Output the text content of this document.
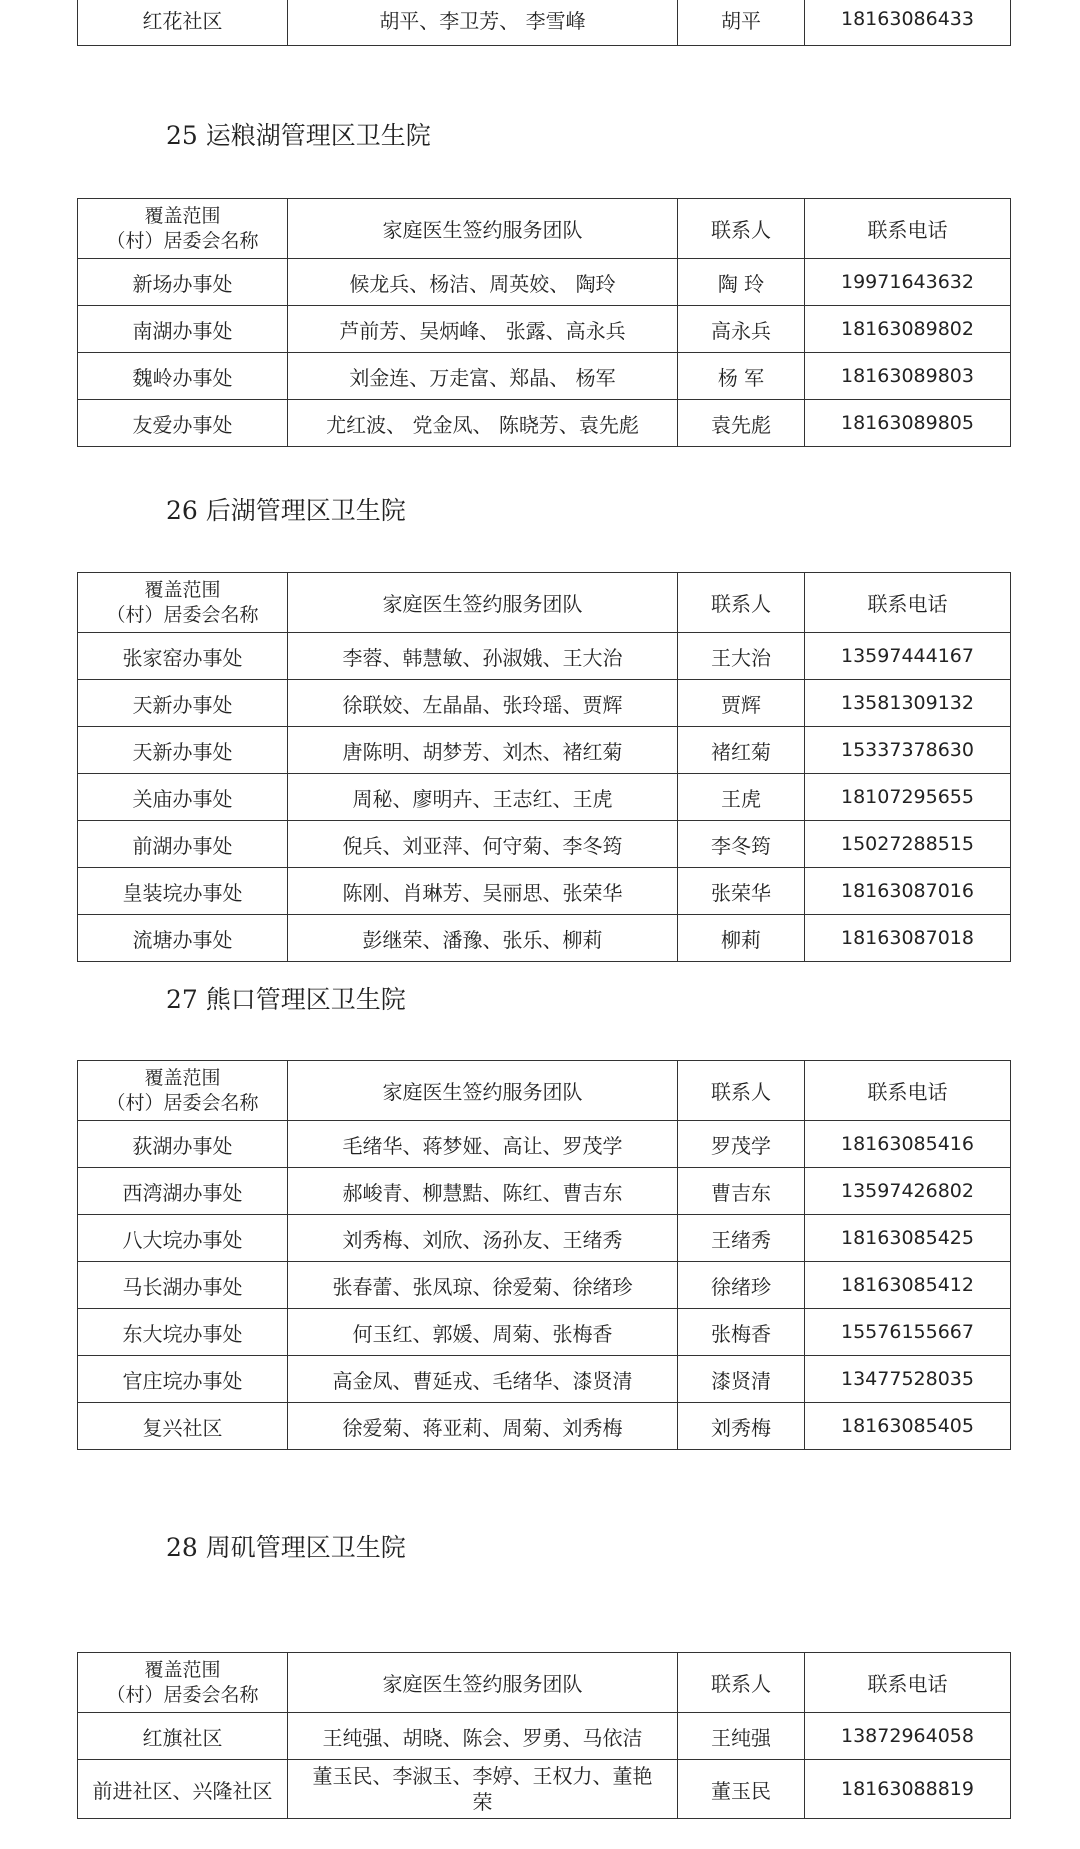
红花社区	胡平、李卫芳、 李雪峰	胡平	18163086433
25 运粮湖管理区卫生院
覆盖范围
（村）居委会名称	家庭医生签约服务团队	联系人	联系电话
新场办事处	候龙兵、杨洁、周英姣、 陶玲	陶 玲	19971643632
南湖办事处	芦前芳、吴炳峰、 张露、高永兵	高永兵	18163089802
魏岭办事处	刘金连、万走富、郑晶、 杨军	杨 军	18163089803
友爱办事处	尤红波、 党金凤、 陈晓芳、袁先彪	袁先彪	18163089805
26 后湖管理区卫生院
覆盖范围
（村）居委会名称	家庭医生签约服务团队	联系人	联系电话
张家窑办事处	李蓉、韩慧敏、孙淑娥、王大治	王大治	13597444167
天新办事处	徐联姣、左晶晶、张玲瑶、贾辉	贾辉	13581309132
天新办事处	唐陈明、胡梦芳、刘杰、褚红菊	褚红菊	15337378630
关庙办事处	周秘、廖明卉、王志红、王虎	王虎	18107295655
前湖办事处	倪兵、刘亚萍、何守菊、李冬筠	李冬筠	15027288515
皇装垸办事处	陈刚、肖琳芳、吴丽思、张荣华	张荣华	18163087016
流塘办事处	彭继荣、潘豫、张乐、柳莉	柳莉	18163087018
27 熊口管理区卫生院
覆盖范围
（村）居委会名称	家庭医生签约服务团队	联系人	联系电话
荻湖办事处	毛绪华、蒋梦娅、高让、罗茂学	罗茂学	18163085416
西湾湖办事处	郝峻青、柳慧黠、陈红、曹吉东	曹吉东	13597426802
八大垸办事处	刘秀梅、刘欣、汤孙友、王绪秀	王绪秀	18163085425
马长湖办事处	张春蕾、张凤琼、徐爱菊、徐绪珍	徐绪珍	18163085412
东大垸办事处	何玉红、郭媛、周菊、张梅香	张梅香	15576155667
官庄垸办事处	高金凤、曹延戎、毛绪华、漆贤清	漆贤清	13477528035
复兴社区	徐爱菊、蒋亚莉、周菊、刘秀梅	刘秀梅	18163085405
28 周矶管理区卫生院
覆盖范围
（村）居委会名称	家庭医生签约服务团队	联系人	联系电话
红旗社区	王纯强、胡晓、陈会、罗勇、马依洁	王纯强	13872964058
前进社区、兴隆社区	董玉民、李淑玉、李婷、王权力、董艳
荣	董玉民	18163088819
